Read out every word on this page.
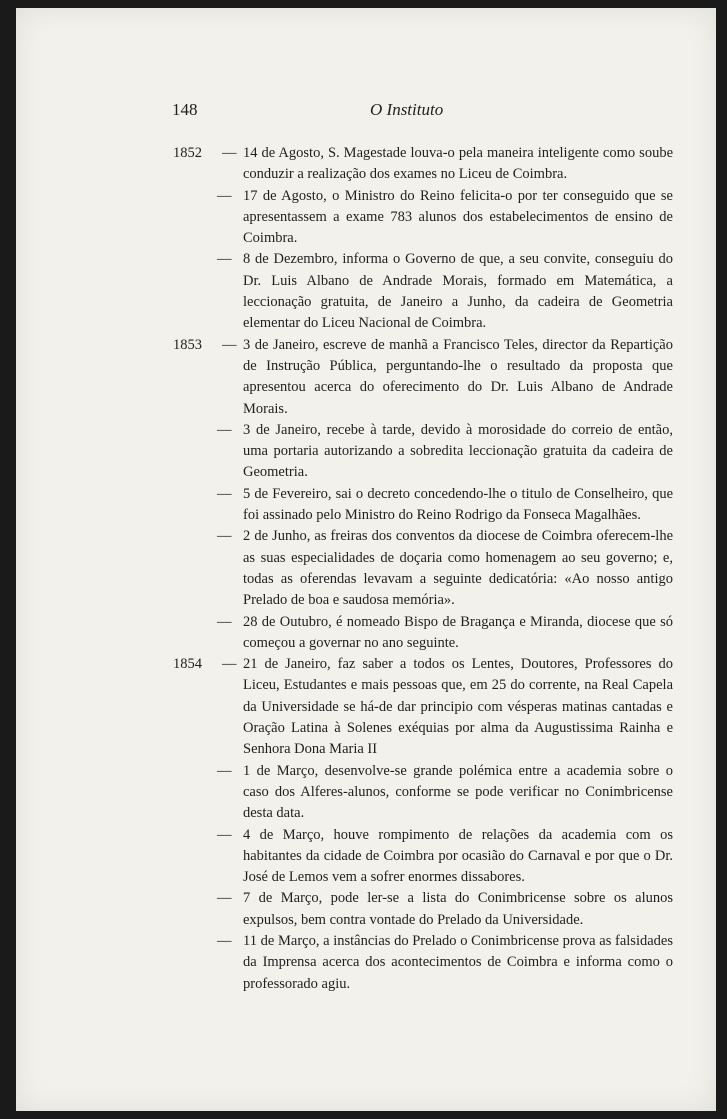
148	O Instituto
1852 — 14 de Agosto, S. Magestade louva-o pela maneira inteligente como soube conduzir a realização dos exames no Liceu de Coimbra.
— 17 de Agosto, o Ministro do Reino felicita-o por ter conseguido que se apresentassem a exame 783 alunos dos estabelecimentos de ensino de Coimbra.
— 8 de Dezembro, informa o Governo de que, a seu convite, conseguiu do Dr. Luis Albano de Andrade Morais, formado em Matemática, a leccionação gratuita, de Janeiro a Junho, da cadeira de Geometria elementar do Liceu Nacional de Coimbra.
1853 — 3 de Janeiro, escreve de manhã a Francisco Teles, director da Repartição de Instrução Pública, perguntando-lhe o resultado da proposta que apresentou acerca do oferecimento do Dr. Luis Albano de Andrade Morais.
— 3 de Janeiro, recebe à tarde, devido à morosidade do correio de então, uma portaria autorizando a sobredita leccionação gratuita da cadeira de Geometria.
— 5 de Fevereiro, sai o decreto concedendo-lhe o titulo de Conselheiro, que foi assinado pelo Ministro do Reino Rodrigo da Fonseca Magalhães.
— 2 de Junho, as freiras dos conventos da diocese de Coimbra oferecem-lhe as suas especialidades de doçaria como homenagem ao seu governo; e, todas as oferendas levavam a seguinte dedicatória: «Ao nosso antigo Prelado de boa e saudosa memória».
— 28 de Outubro, é nomeado Bispo de Bragança e Miranda, diocese que só começou a governar no ano seguinte.
1854 — 21 de Janeiro, faz saber a todos os Lentes, Doutores, Professores do Liceu, Estudantes e mais pessoas que, em 25 do corrente, na Real Capela da Universidade se há-de dar principio com vésperas matinas cantadas e Oração Latina à Solenes exéquias por alma da Augustissima Rainha e Senhora Dona Maria II
— 1 de Março, desenvolve-se grande polémica entre a academia sobre o caso dos Alferes-alunos, conforme se pode verificar no Conimbricense desta data.
— 4 de Março, houve rompimento de relações da academia com os habitantes da cidade de Coimbra por ocasião do Carnaval e por que o Dr. José de Lemos vem a sofrer enormes dissabores.
— 7 de Março, pode ler-se a lista do Conimbricense sobre os alunos expulsos, bem contra vontade do Prelado da Universidade.
— 11 de Março, a instâncias do Prelado o Conimbricense prova as falsidades da Imprensa acerca dos acontecimentos de Coimbra e informa como o professorado agiu.
